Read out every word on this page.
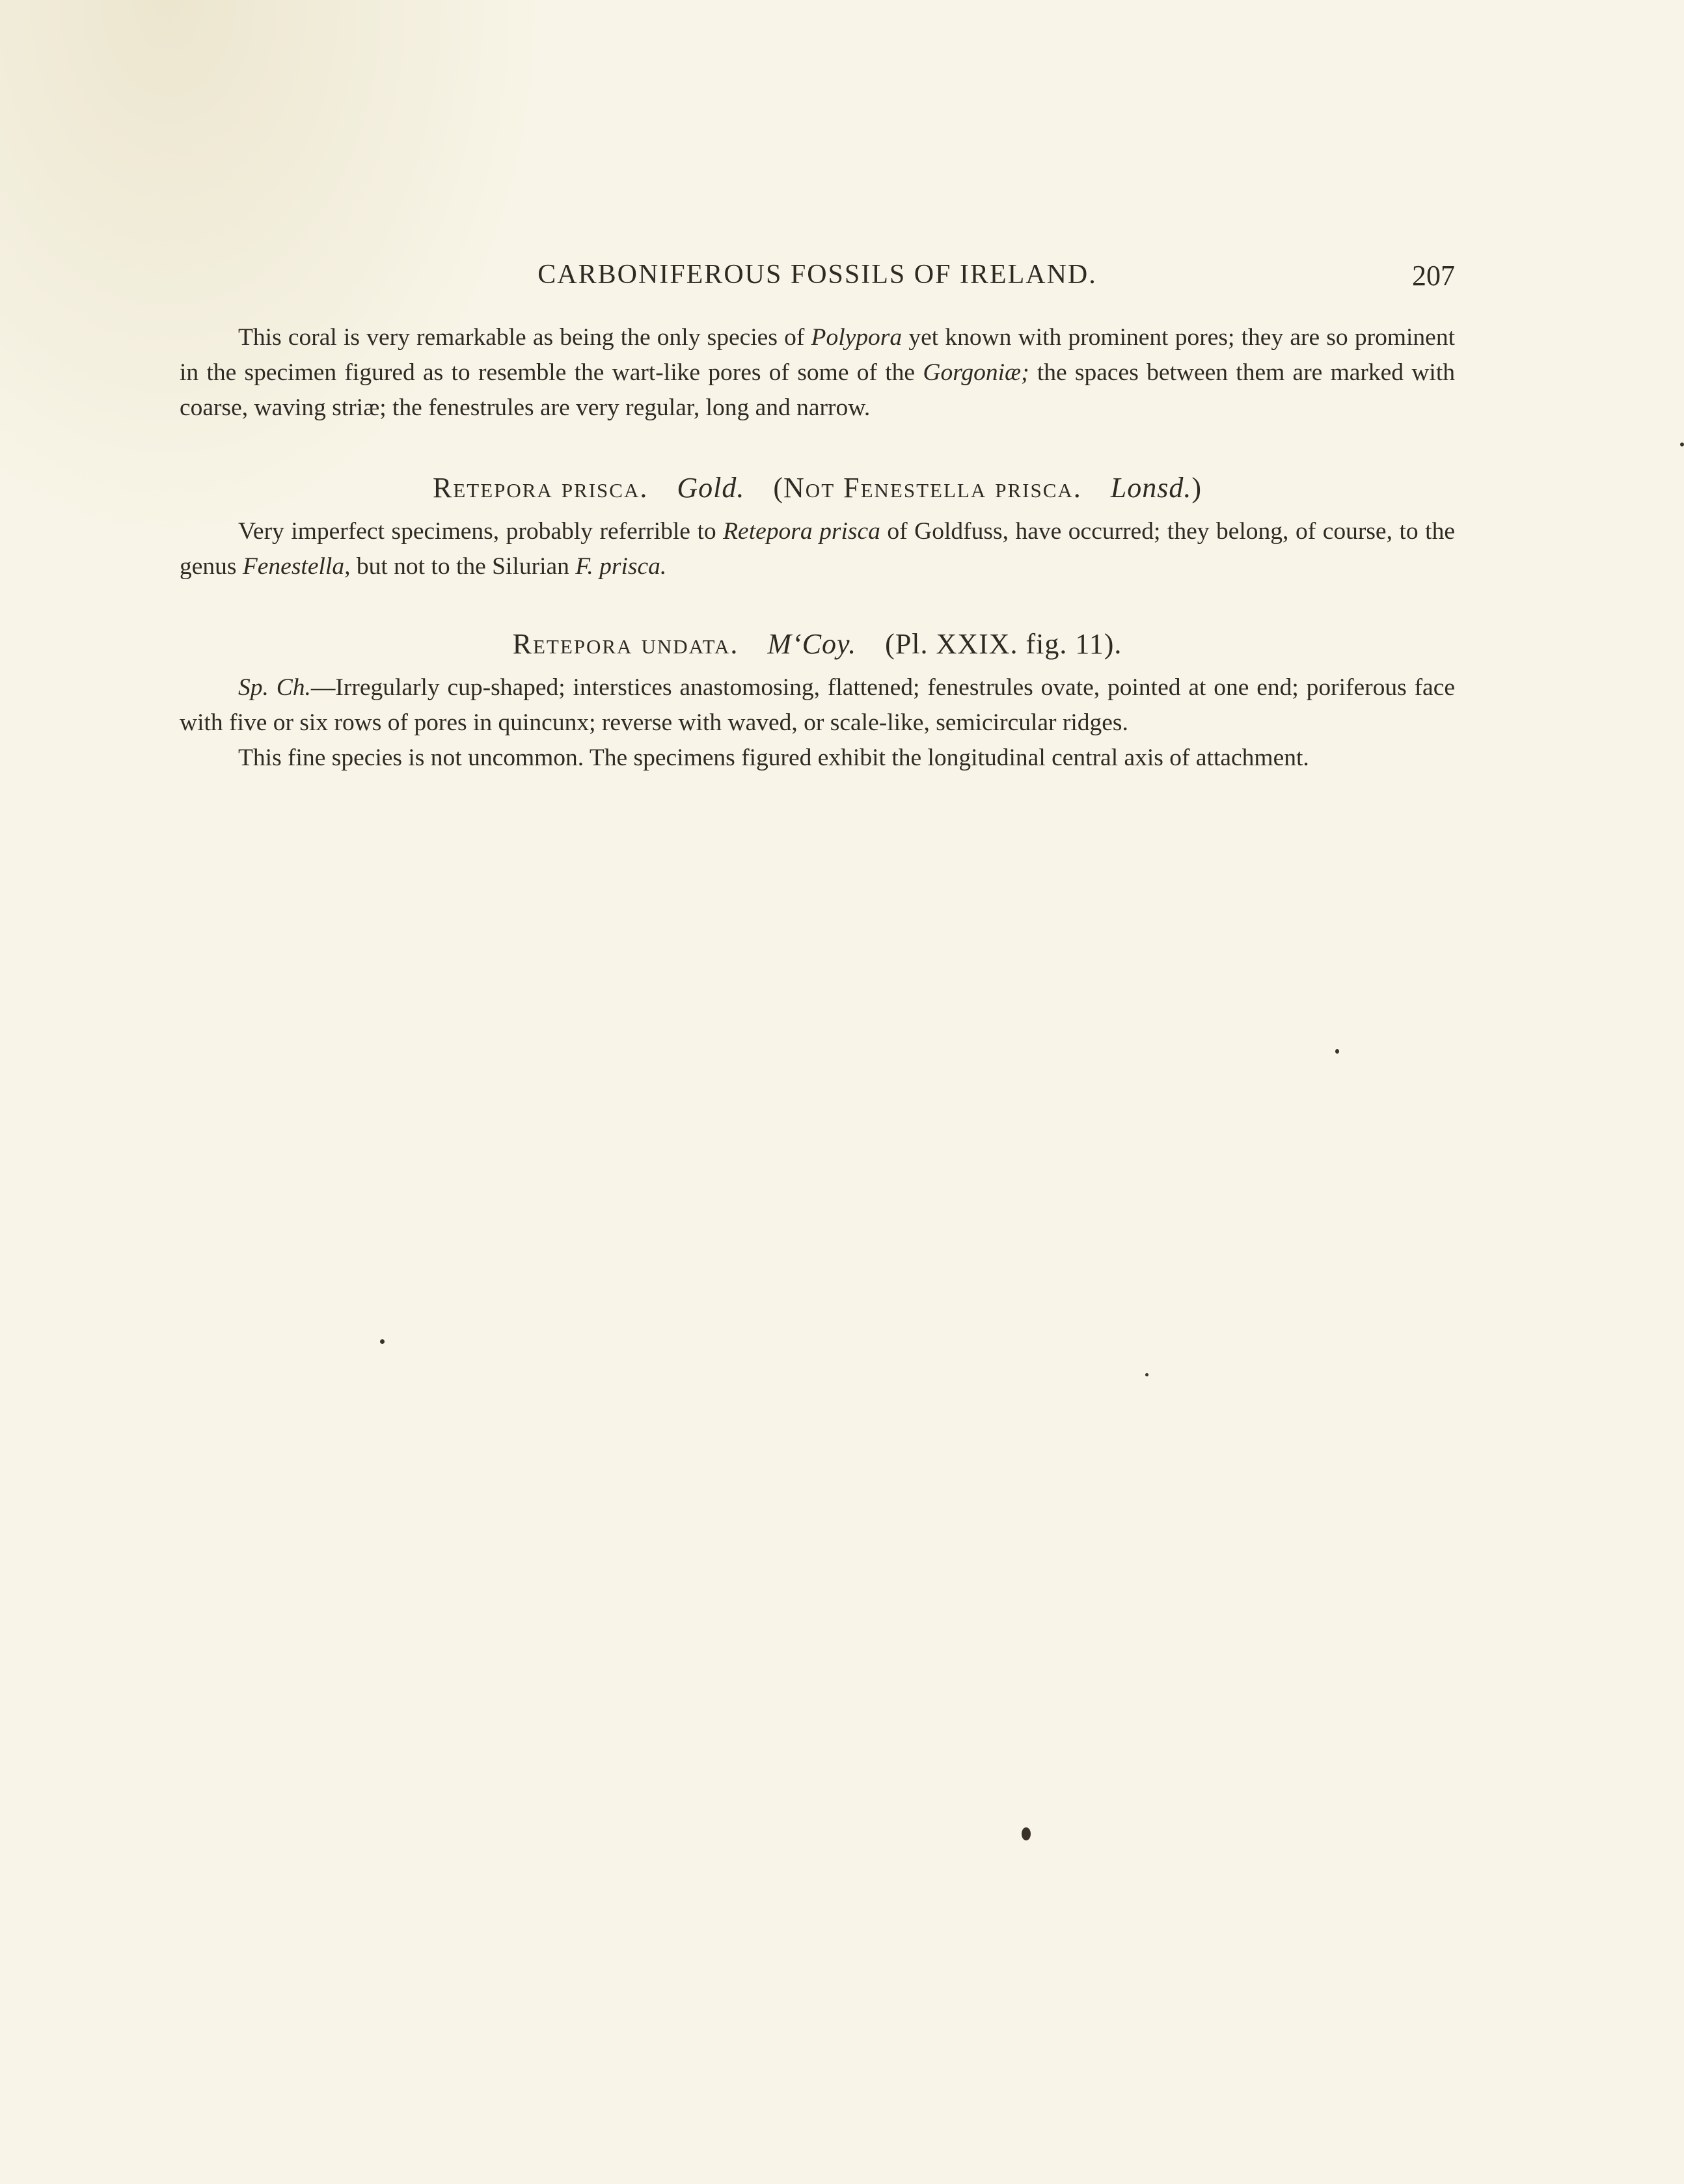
CARBONIFEROUS FOSSILS OF IRELAND.	207

This coral is very remarkable as being the only species of Polypora yet known with prominent pores; they are so prominent in the specimen figured as to resemble the wart-like pores of some of the Gorgoniæ; the spaces between them are marked with coarse, waving striæ; the fenestrules are very regular, long and narrow.

Retepora prisca. Gold. (Not Fenestella prisca. Lonsd.)

Very imperfect specimens, probably referrible to Retepora prisca of Goldfuss, have occurred; they belong, of course, to the genus Fenestella, but not to the Silurian F. prisca.

Retepora undata. M‘Coy. (Pl. XXIX. fig. 11).

Sp. Ch.—Irregularly cup-shaped; interstices anastomosing, flattened; fenestrules ovate, pointed at one end; poriferous face with five or six rows of pores in quincunx; reverse with waved, or scale-like, semicircular ridges.

This fine species is not uncommon. The specimens figured exhibit the longitudinal central axis of attachment.
